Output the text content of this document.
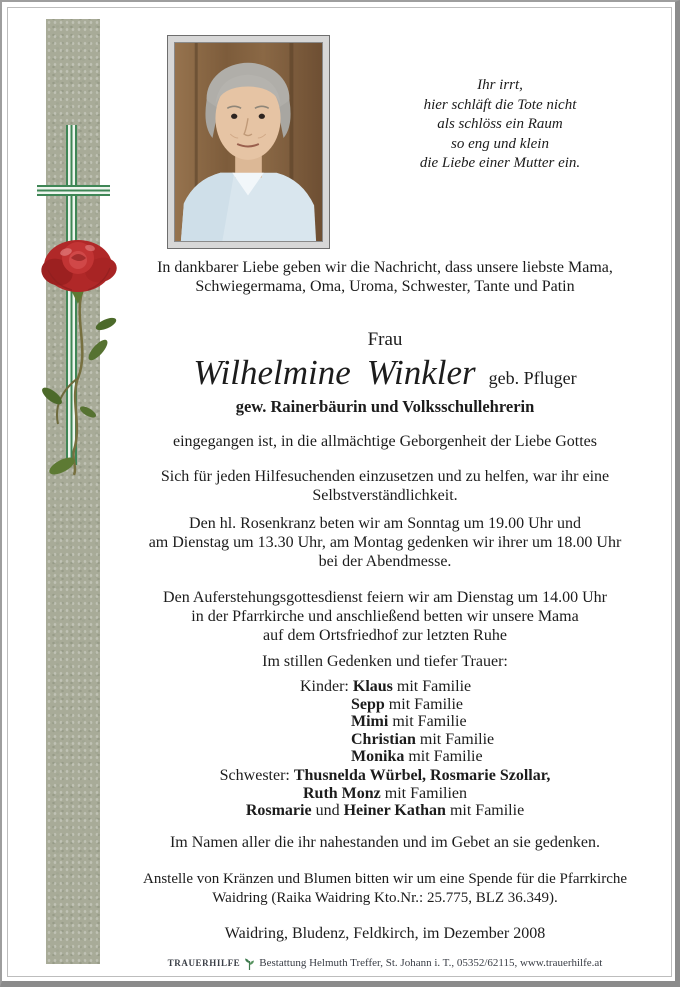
Ihr irrt,
hier schläft die Tote nicht
als schlöss ein Raum
so eng und klein
die Liebe einer Mutter ein.
In dankbarer Liebe geben wir die Nachricht, dass unsere liebste Mama,
Schwiegermama, Oma, Uroma, Schwester, Tante und Patin
Frau
Wilhelmine Winkler geb. Pfluger
gew. Rainerbäurin und Volksschullehrerin
eingegangen ist, in die allmächtige Geborgenheit der Liebe Gottes
Sich für jeden Hilfesuchenden einzusetzen und zu helfen, war ihr eine
Selbstverständlichkeit.
Den hl. Rosenkranz beten wir am Sonntag um 19.00 Uhr und
am Dienstag um 13.30 Uhr, am Montag gedenken wir ihrer um 18.00 Uhr
bei der Abendmesse.
Den Auferstehungsgottesdienst feiern wir am Dienstag um 14.00 Uhr
in der Pfarrkirche und anschließend betten wir unsere Mama
auf dem Ortsfriedhof zur letzten Ruhe
Im stillen Gedenken und tiefer Trauer:
Kinder: Klaus mit Familie
Sepp mit Familie
Mimi mit Familie
Christian mit Familie
Monika mit Familie
Schwester: Thusnelda Würbel, Rosmarie Szollar,
Ruth Monz mit Familien
Rosmarie und Heiner Kathan mit Familie
Im Namen aller die ihr nahestanden und im Gebet an sie gedenken.
Anstelle von Kränzen und Blumen bitten wir um eine Spende für die Pfarrkirche
Waidring (Raika Waidring Kto.Nr.: 25.775, BLZ 36.349).
Waidring, Bludenz, Feldkirch, im Dezember 2008
TRAUERHILFE Bestattung Helmuth Treffer, St. Johann i. T., 05352/62115, www.trauerhilfe.at
